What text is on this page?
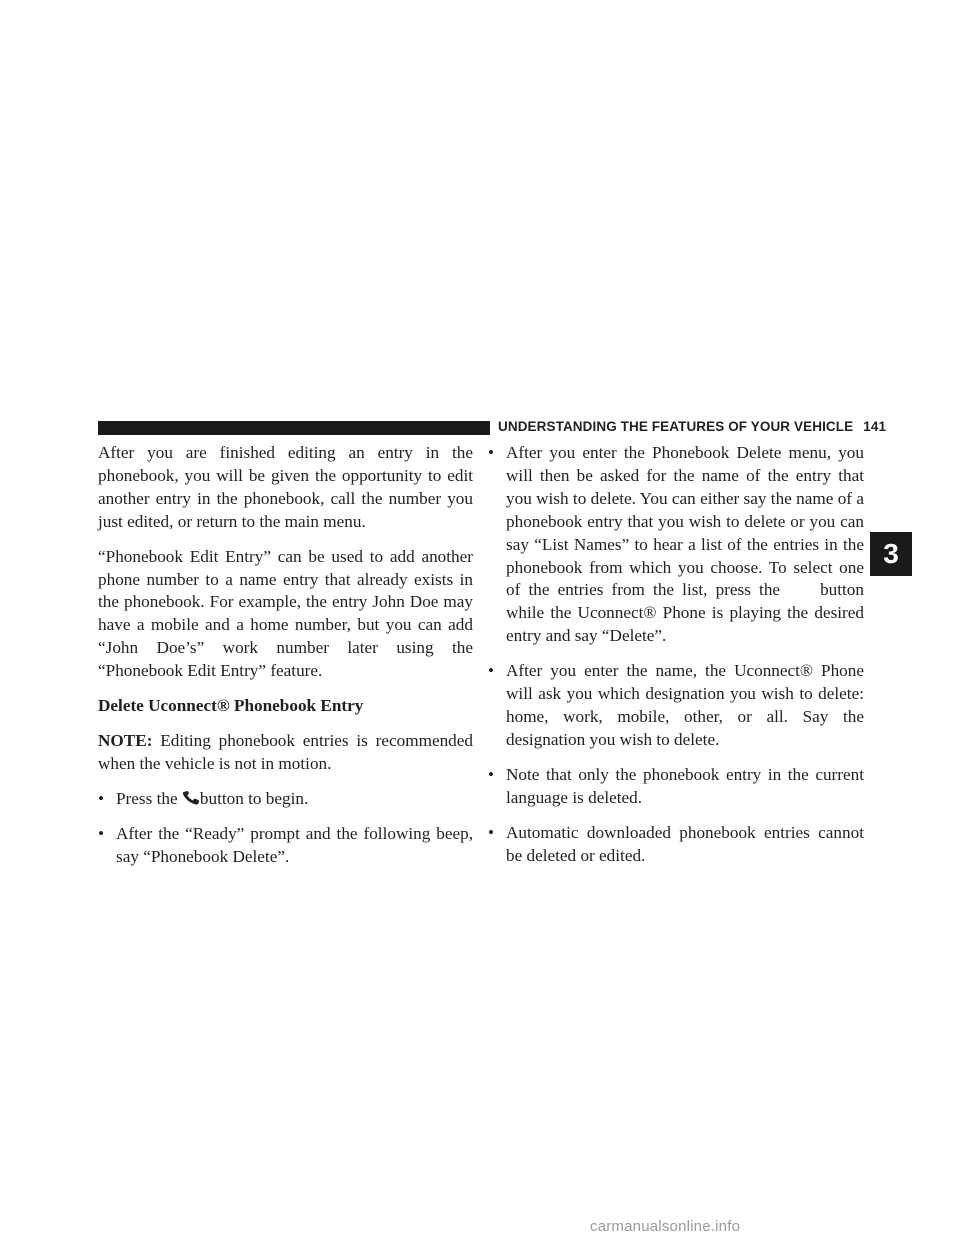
UNDERSTANDING THE FEATURES OF YOUR VEHICLE 141
3

After you are finished editing an entry in the phonebook, you will be given the opportunity to edit another entry in the phonebook, call the number you just edited, or return to the main menu.

“Phonebook Edit Entry” can be used to add another phone number to a name entry that already exists in the phonebook. For example, the entry John Doe may have a mobile and a home number, but you can add “John Doe’s” work number later using the “Phonebook Edit Entry” feature.

Delete Uconnect® Phonebook Entry

NOTE: Editing phonebook entries is recommended when the vehicle is not in motion.

• Press the button to begin.
• After the “Ready” prompt and the following beep, say “Phonebook Delete”.
• After you enter the Phonebook Delete menu, you will then be asked for the name of the entry that you wish to delete. You can either say the name of a phonebook entry that you wish to delete or you can say “List Names” to hear a list of the entries in the phonebook from which you choose. To select one of the entries from the list, press the button while the Uconnect® Phone is playing the desired entry and say “Delete”.
• After you enter the name, the Uconnect® Phone will ask you which designation you wish to delete: home, work, mobile, other, or all. Say the designation you wish to delete.
• Note that only the phonebook entry in the current language is deleted.
• Automatic downloaded phonebook entries cannot be deleted or edited.
carmanualsonline.info
